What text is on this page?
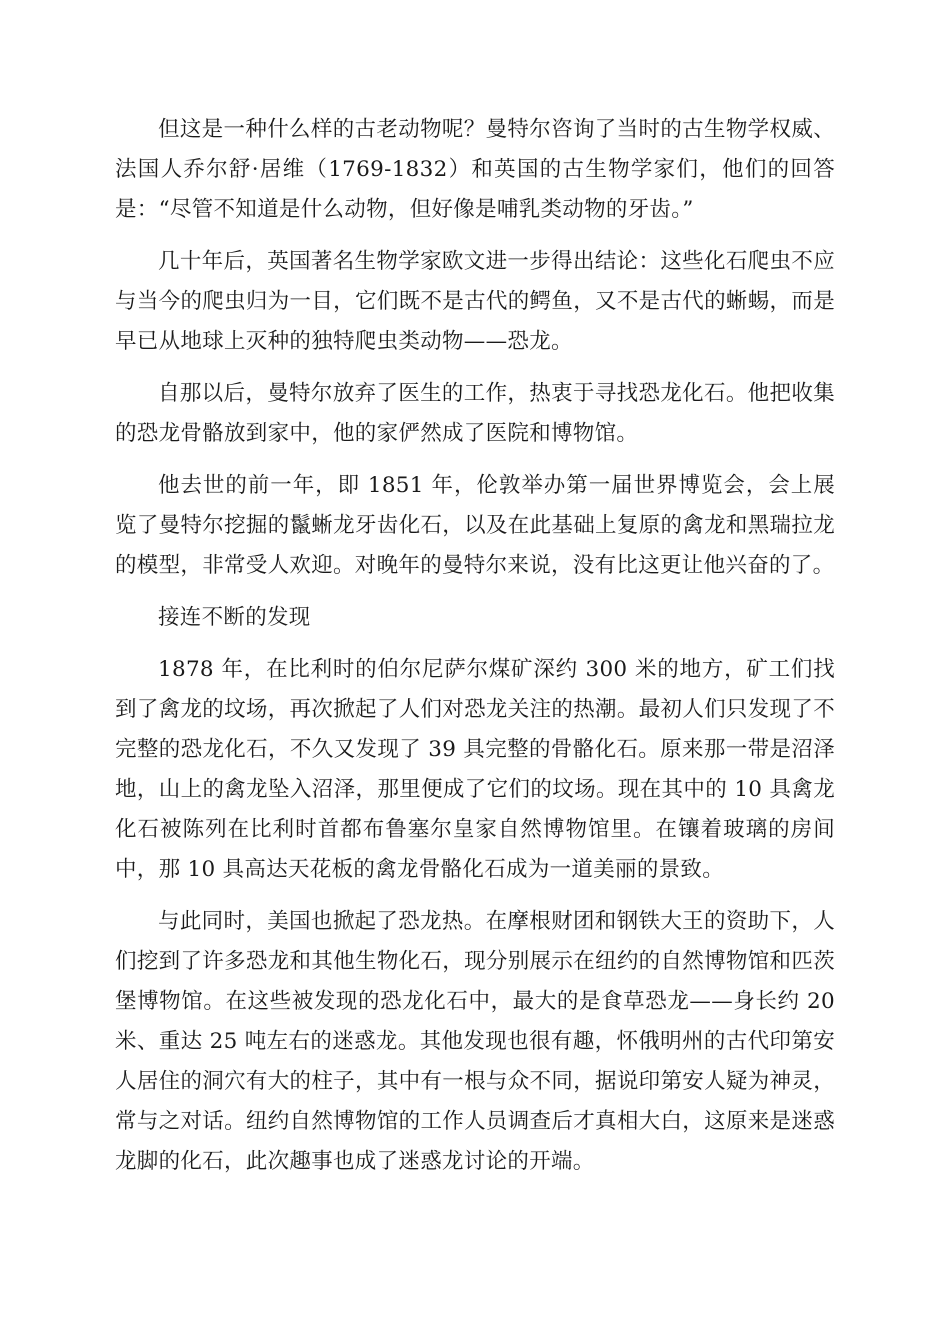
但这是一种什么样的古老动物呢？曼特尔咨询了当时的古生物学权威、法国人乔尔舒·居维（1769-1832）和英国的古生物学家们，他们的回答是：“尽管不知道是什么动物，但好像是哺乳类动物的牙齿。”

几十年后，英国著名生物学家欧文进一步得出结论：这些化石爬虫不应与当今的爬虫归为一目，它们既不是古代的鳄鱼，又不是古代的蜥蜴，而是早已从地球上灭种的独特爬虫类动物——恐龙。

自那以后，曼特尔放弃了医生的工作，热衷于寻找恐龙化石。他把收集的恐龙骨骼放到家中，他的家俨然成了医院和博物馆。

他去世的前一年，即 1851 年，伦敦举办第一届世界博览会，会上展览了曼特尔挖掘的鬣蜥龙牙齿化石，以及在此基础上复原的禽龙和黑瑞拉龙的模型，非常受人欢迎。对晚年的曼特尔来说，没有比这更让他兴奋的了。

接连不断的发现

1878 年，在比利时的伯尔尼萨尔煤矿深约 300 米的地方，矿工们找到了禽龙的坟场，再次掀起了人们对恐龙关注的热潮。最初人们只发现了不完整的恐龙化石，不久又发现了 39 具完整的骨骼化石。原来那一带是沼泽地，山上的禽龙坠入沼泽，那里便成了它们的坟场。现在其中的 10 具禽龙化石被陈列在比利时首都布鲁塞尔皇家自然博物馆里。在镶着玻璃的房间中，那 10 具高达天花板的禽龙骨骼化石成为一道美丽的景致。

与此同时，美国也掀起了恐龙热。在摩根财团和钢铁大王的资助下，人们挖到了许多恐龙和其他生物化石，现分别展示在纽约的自然博物馆和匹茨堡博物馆。在这些被发现的恐龙化石中，最大的是食草恐龙——身长约 20 米、重达 25 吨左右的迷惑龙。其他发现也很有趣，怀俄明州的古代印第安人居住的洞穴有大的柱子，其中有一根与众不同，据说印第安人疑为神灵，常与之对话。纽约自然博物馆的工作人员调查后才真相大白，这原来是迷惑龙脚的化石，此次趣事也成了迷惑龙讨论的开端。
